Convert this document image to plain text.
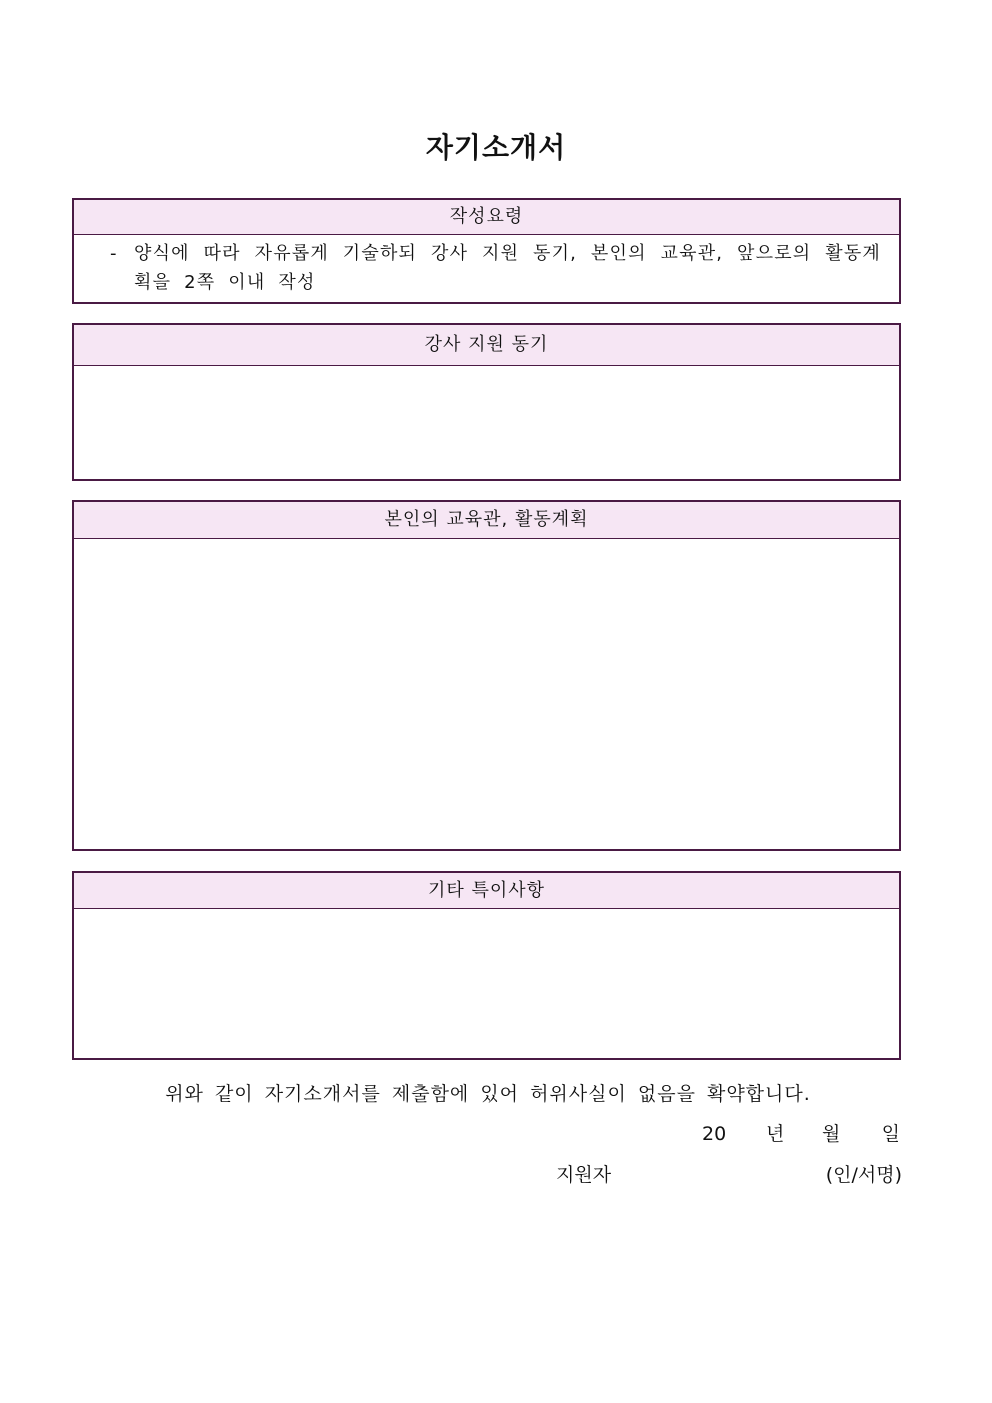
자기소개서
작성요령
- 양식에 따라 자유롭게 기술하되 강사 지원 동기, 본인의 교육관, 앞으로의 활동계획을 2쪽 이내 작성
강사 지원 동기
본인의 교육관, 활동계획
기타 특이사항
위와 같이 자기소개서를 제출함에 있어 허위사실이 없음을 확약합니다.
20	년	월	일
지원자	(인/서명)
